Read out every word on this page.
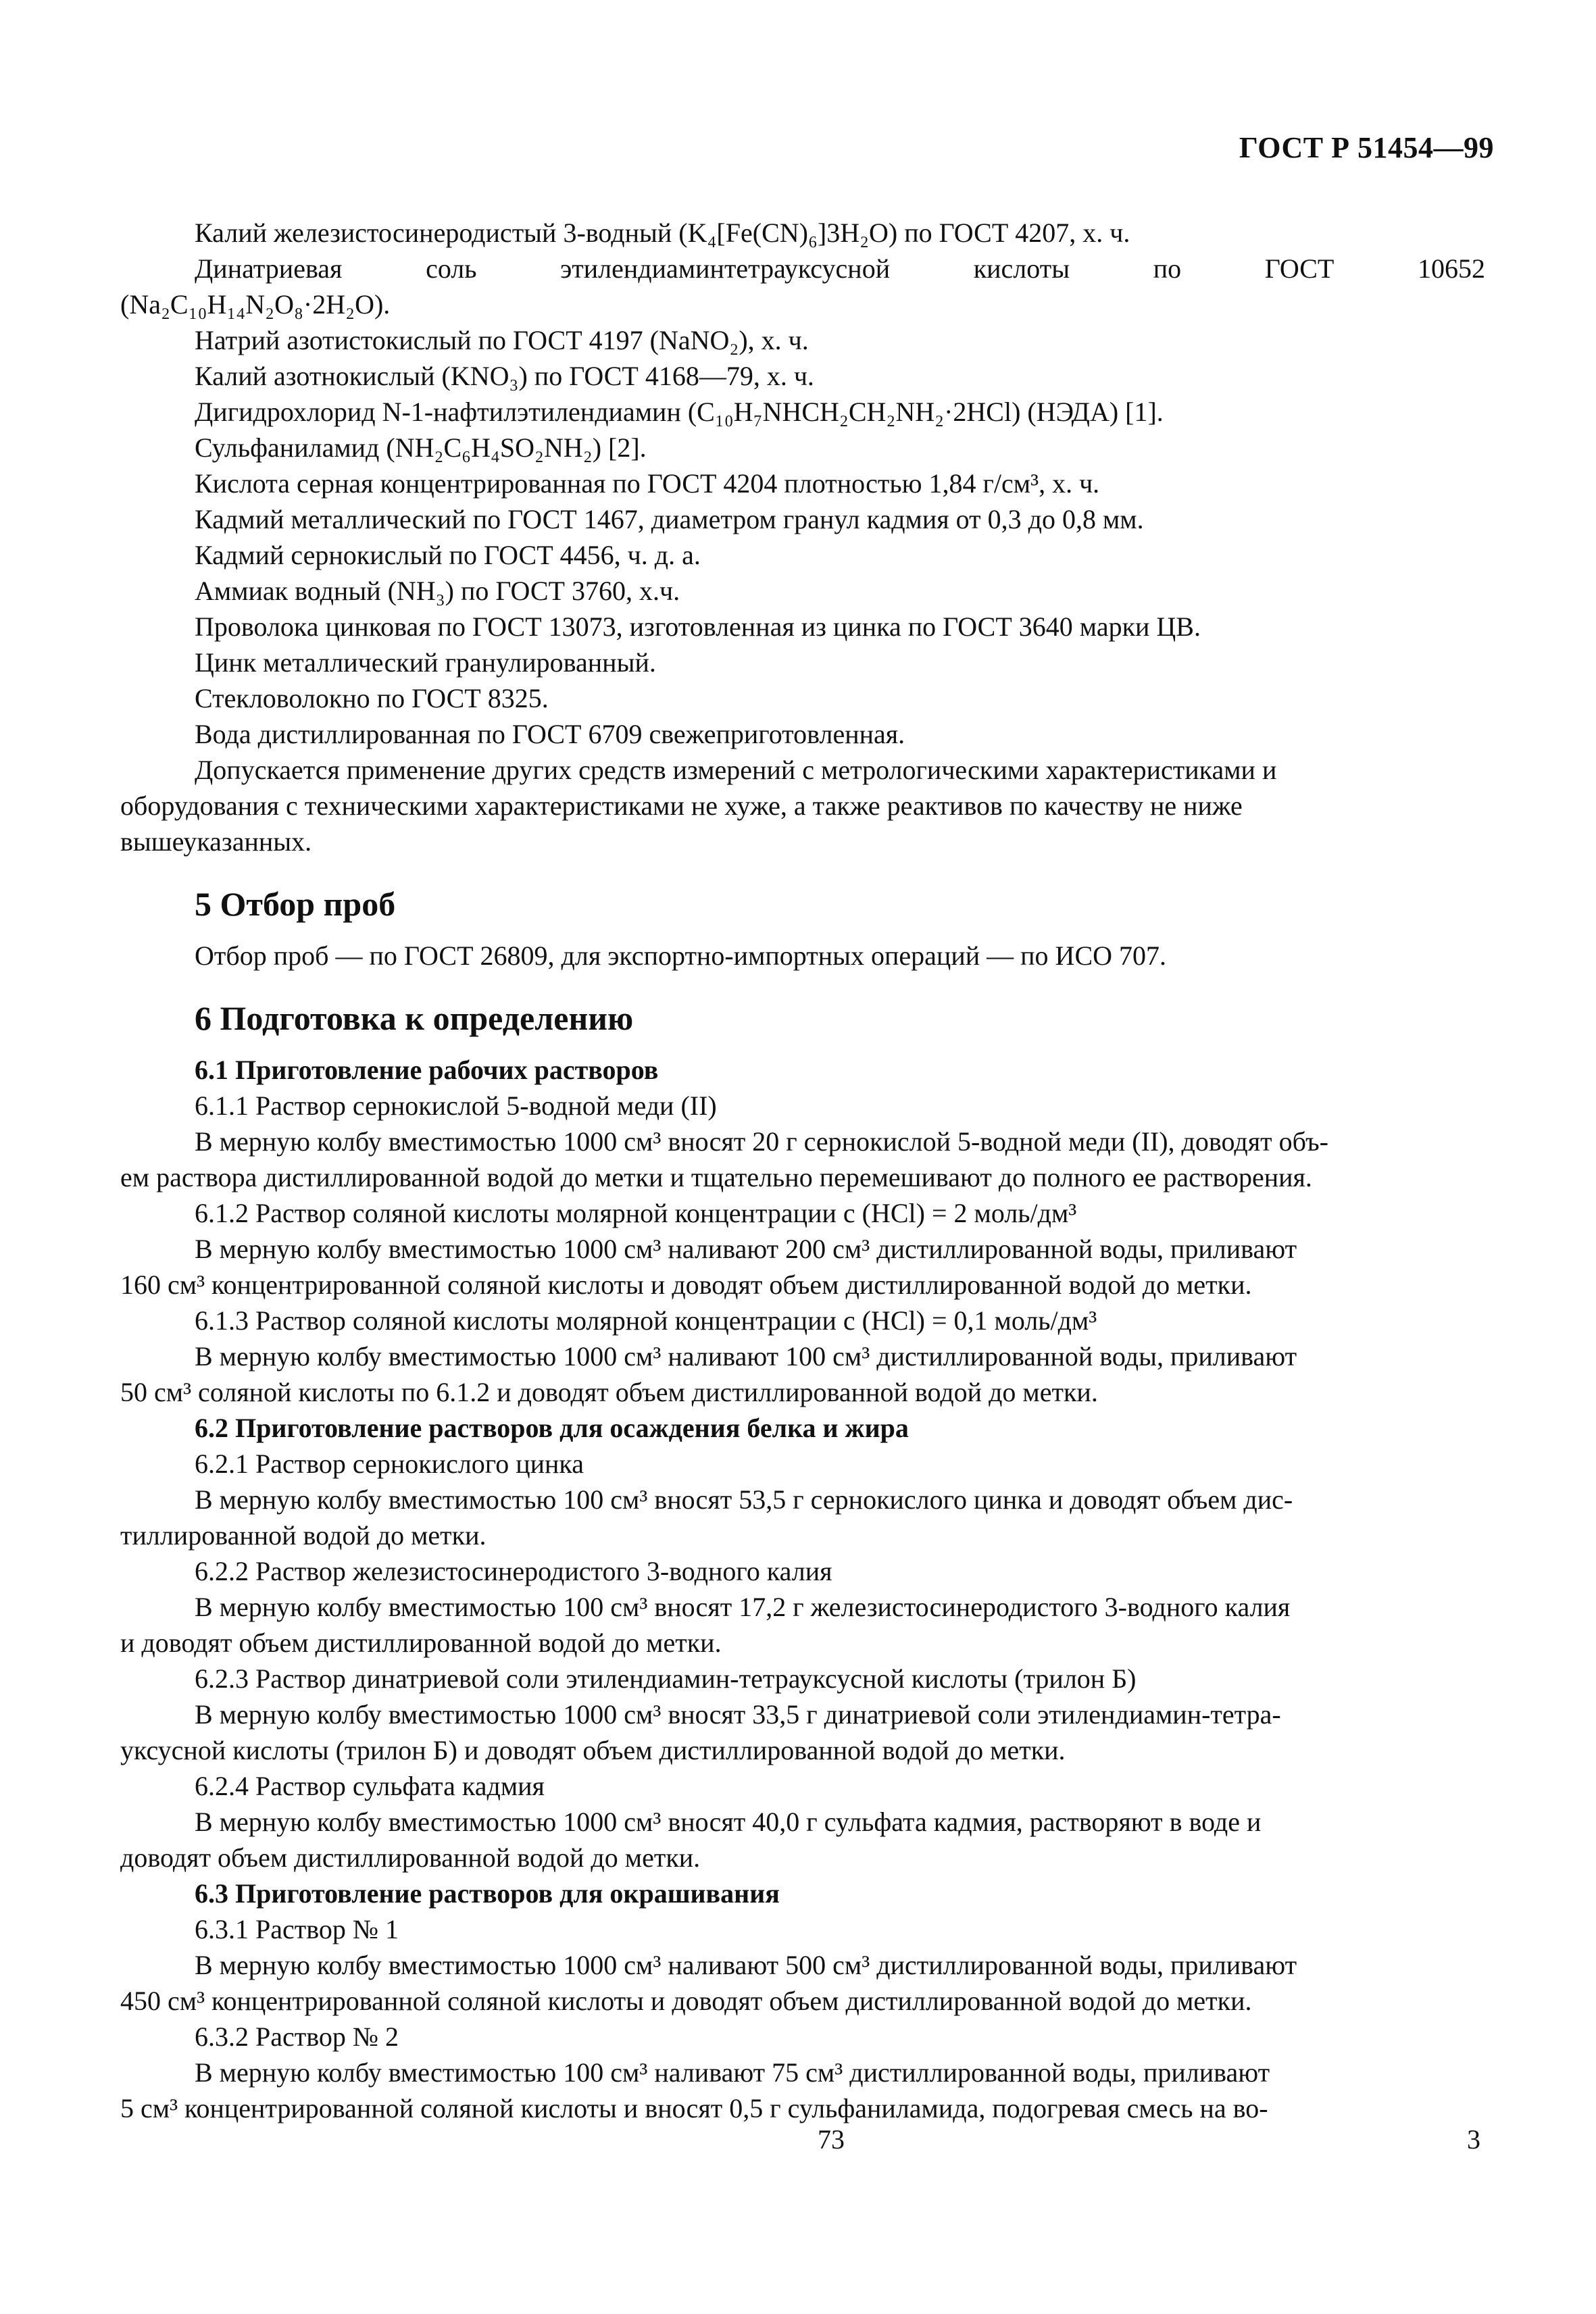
ГОСТ Р 51454—99
Калий железистосинеродистый 3-водный (K₄[Fe(CN)₆]3H₂O) по ГОСТ 4207, х. ч.
Динатриевая	соль	этилендиаминтетрауксусной	кислоты	по	ГОСТ	10652
(Na₂C₁₀H₁₄N₂O₈·2H₂O).
Натрий азотистокислый по ГОСТ 4197 (NaNO₂), х. ч.
Калий азотнокислый (KNO₃) по ГОСТ 4168—79, х. ч.
Дигидрохлорид N-1-нафтилэтилендиамин (C₁₀H₇NHCH₂CH₂NH₂·2HCl) (НЭДА) [1].
Сульфаниламид (NH₂C₆H₄SO₂NH₂) [2].
Кислота серная концентрированная по ГОСТ 4204 плотностью 1,84 г/см³, х. ч.
Кадмий металлический по ГОСТ 1467, диаметром гранул кадмия от 0,3 до 0,8 мм.
Кадмий сернокислый по ГОСТ 4456, ч. д. а.
Аммиак водный (NH₃) по ГОСТ 3760, х.ч.
Проволока цинковая по ГОСТ 13073, изготовленная из цинка по ГОСТ 3640 марки ЦВ.
Цинк металлический гранулированный.
Стекловолокно по ГОСТ 8325.
Вода дистиллированная по ГОСТ 6709 свежеприготовленная.
Допускается применение других средств измерений с метрологическими характеристиками и
оборудования с техническими характеристиками не хуже, а также реактивов по качеству не ниже
вышеуказанных.
5 Отбор проб
Отбор проб — по ГОСТ 26809, для экспортно-импортных операций — по ИСО 707.
6 Подготовка к определению
6.1 Приготовление рабочих растворов
6.1.1 Раствор сернокислой 5-водной меди (II)
В мерную колбу вместимостью 1000 см³ вносят 20 г сернокислой 5-водной меди (II), доводят объ-
ем раствора дистиллированной водой до метки и тщательно перемешивают до полного ее растворения.
6.1.2 Раствор соляной кислоты молярной концентрации с (HCl) = 2 моль/дм³
В мерную колбу вместимостью 1000 см³ наливают 200 см³ дистиллированной воды, приливают
160 см³ концентрированной соляной кислоты и доводят объем дистиллированной водой до метки.
6.1.3 Раствор соляной кислоты молярной концентрации с (HCl) = 0,1 моль/дм³
В мерную колбу вместимостью 1000 см³ наливают 100 см³ дистиллированной воды, приливают
50 см³ соляной кислоты по 6.1.2 и доводят объем дистиллированной водой до метки.
6.2 Приготовление растворов для осаждения белка и жира
6.2.1 Раствор сернокислого цинка
В мерную колбу вместимостью 100 см³ вносят 53,5 г сернокислого цинка и доводят объем дис-
тиллированной водой до метки.
6.2.2 Раствор железистосинеродистого 3-водного калия
В мерную колбу вместимостью 100 см³ вносят 17,2 г железистосинеродистого 3-водного калия
и доводят объем дистиллированной водой до метки.
6.2.3 Раствор динатриевой соли этилендиамин-тетрауксусной кислоты (трилон Б)
В мерную колбу вместимостью 1000 см³ вносят 33,5 г динатриевой соли этилендиамин-тетра-
уксусной кислоты (трилон Б) и доводят объем дистиллированной водой до метки.
6.2.4 Раствор сульфата кадмия
В мерную колбу вместимостью 1000 см³ вносят 40,0 г сульфата кадмия, растворяют в воде и
доводят объем дистиллированной водой до метки.
6.3 Приготовление растворов для окрашивания
6.3.1 Раствор № 1
В мерную колбу вместимостью 1000 см³ наливают 500 см³ дистиллированной воды, приливают
450 см³ концентрированной соляной кислоты и доводят объем дистиллированной водой до метки.
6.3.2 Раствор № 2
В мерную колбу вместимостью 100 см³ наливают 75 см³ дистиллированной воды, приливают
5 см³ концентрированной соляной кислоты и вносят 0,5 г сульфаниламида, подогревая смесь на во-
73	3
